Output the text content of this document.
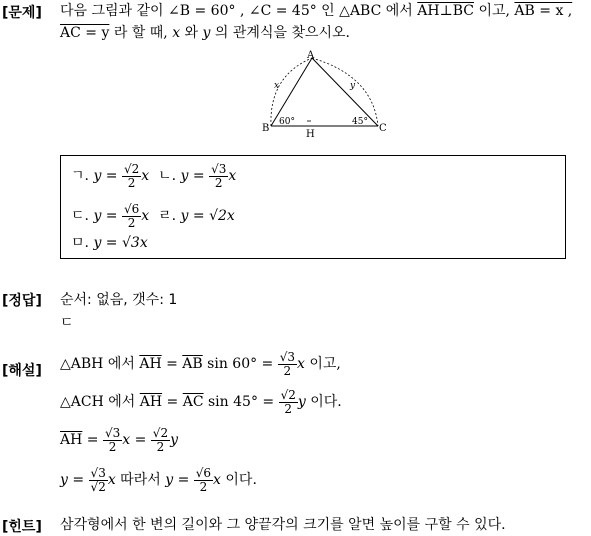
[문제] 다음 그림과 같이 ∠B = 60° , ∠C = 45° 인 △ABC 에서 AH⊥BC 이고, AB = x ,
AC = y 라 할 때, x 와 y 의 관계식을 찾으시오.
A
B	C
H
60°	45°
x	y
ㄱ. $y = \frac{√2}{2}$ x ㄴ. $y = \frac{√3}{2}$ x
ㄷ. $y = \frac{√6}{2}$ x ㄹ. y = √2x
ㅁ. y = √3x
[정답] 순서: 없음, 갯수: 1
ㄷ
[해설] △ABH 에서 $\overline{AH} = \overline{AB}$ $\sin 60^\circ = \frac{√3}{2}$ x 이고,
△ACH 에서 $\overline{AH} = \overline{AC}$ $\sin 45^\circ = \frac{√2}{2}$ y 이다.
$\overline{AH} = \frac{√3}{2}$ $x = \frac{√2}{2}$ y
$y = \frac{√3}{√2}$ x 따라서 $y = \frac{√6}{2}$ x 이다.
[힌트] 삼각형에서 한 변의 길이와 그 양끝각의 크기를 알면 높이를 구할 수 있다.
